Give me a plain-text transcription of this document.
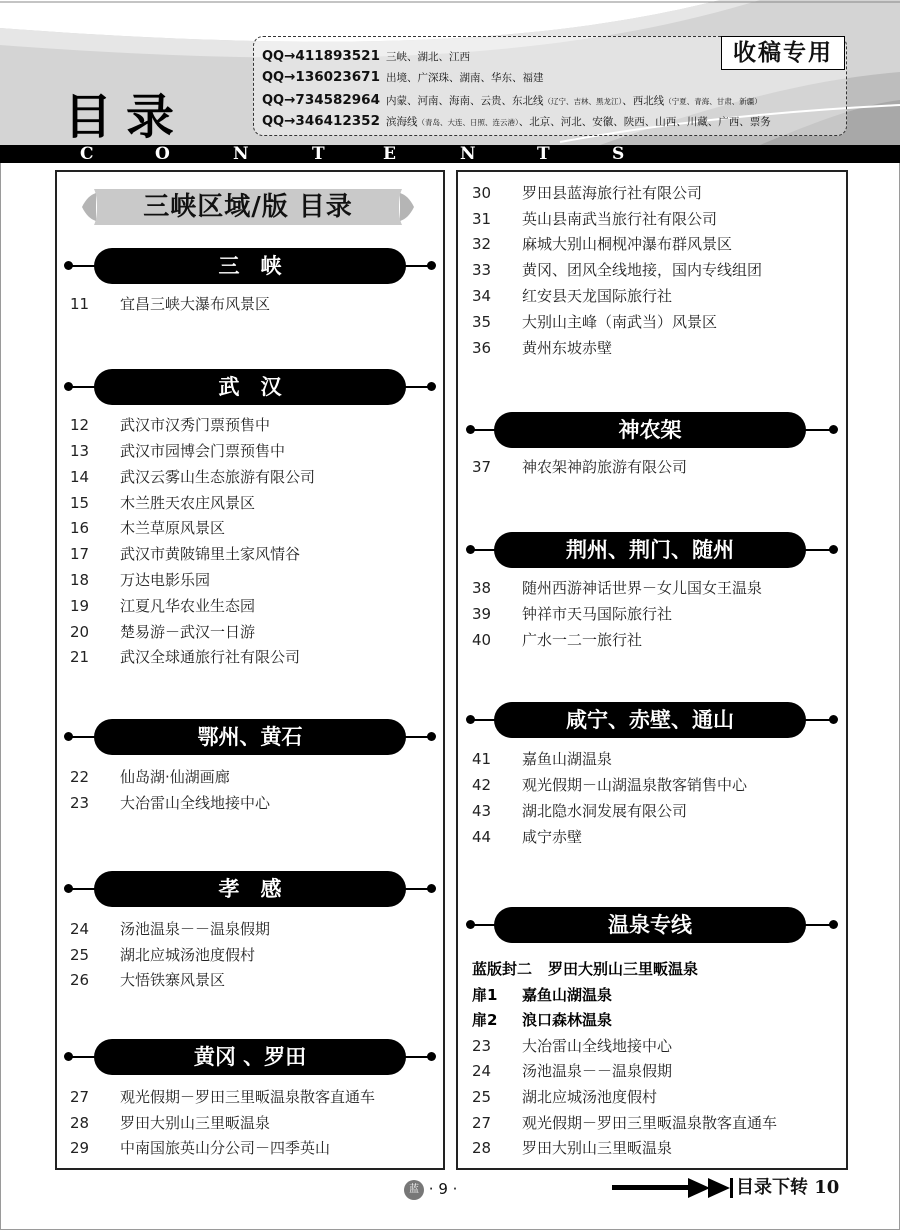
目录
QQ→411893521 三峡、湖北、江西
QQ→136023671 出境、广深珠、湖南、华东、福建
QQ→734582964 内蒙、河南、海南、云贵、东北线（辽宁、吉林、黑龙江）、西北线（宁夏、青海、甘肃、新疆）
QQ→346412352 滨海线（青岛、大连、日照、连云港）、北京、河北、安徽、陕西、山西、川藏、广西、票务
收稿专用
C	O	N	T	E	N	T	S
三峡区域/版 目录
三　峡
11	宜昌三峡大瀑布风景区
武　汉
12	武汉市汉秀门票预售中
13	武汉市园博会门票预售中
14	武汉云雾山生态旅游有限公司
15	木兰胜天农庄风景区
16	木兰草原风景区
17	武汉市黄陂锦里土家风情谷
18	万达电影乐园
19	江夏凡华农业生态园
20	楚易游－武汉一日游
21	武汉全球通旅行社有限公司
鄂州、黄石
22	仙岛湖·仙湖画廊
23	大冶雷山全线地接中心
孝　感
24	汤池温泉－－温泉假期
25	湖北应城汤池度假村
26	大悟铁寨风景区
黄冈 、罗田
27	观光假期－罗田三里畈温泉散客直通车
28	罗田大别山三里畈温泉
29	中南国旅英山分公司－四季英山
30	罗田县蓝海旅行社有限公司
31	英山县南武当旅行社有限公司
32	麻城大别山桐枧冲瀑布群风景区
33	黄冈、团风全线地接，国内专线组团
34	红安县天龙国际旅行社
35	大别山主峰（南武当）风景区
36	黄州东坡赤壁
神农架
37	神农架神韵旅游有限公司
荆州、荆门、随州
38	随州西游神话世界－女儿国女王温泉
39	钟祥市天马国际旅行社
40	广水一二一旅行社
咸宁、赤壁、通山
41	嘉鱼山湖温泉
42	观光假期－山湖温泉散客销售中心
43	湖北隐水洞发展有限公司
44	咸宁赤壁
温泉专线
蓝版封二	罗田大别山三里畈温泉
扉1	嘉鱼山湖温泉
扉2	浪口森林温泉
23	大冶雷山全线地接中心
24	汤池温泉－－温泉假期
25	湖北应城汤池度假村
27	观光假期－罗田三里畈温泉散客直通车
28	罗田大别山三里畈温泉
蓝 · 9 ·	目录下转 10
